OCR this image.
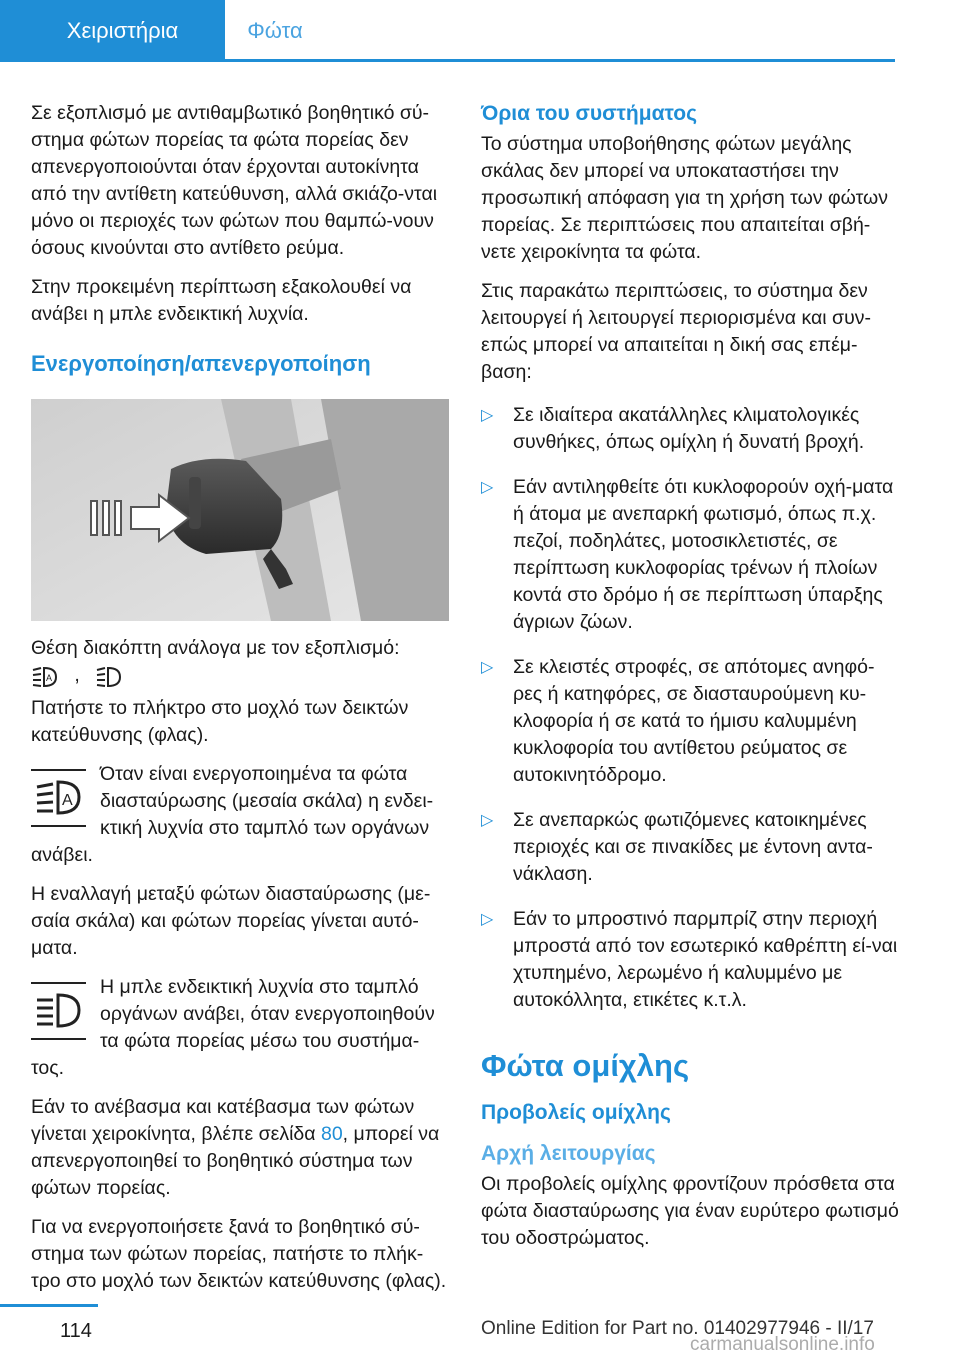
Χειριστήρια	Φώτα

Σε εξοπλισμό με αντιθαμβωτικό βοηθητικό σύ‐στημα φώτων πορείας τα φώτα πορείας δεν απενεργοποιούνται όταν έρχονται αυτοκίνητα από την αντίθετη κατεύθυνση, αλλά σκιάζο‐νται μόνο οι περιοχές των φώτων που θαμπώ‐νουν όσους κινούνται στο αντίθετο ρεύμα.

Στην προκειμένη περίπτωση εξακολουθεί να ανάβει η μπλε ενδεικτική λυχνία.

Ενεργοποίηση/απενεργοποίηση

Θέση διακόπτη ανάλογα με τον εξοπλισμό:

A ,

Πατήστε το πλήκτρο στο μοχλό των δεικτών κατεύθυνσης (φλας).

A
Όταν είναι ενεργοποιημένα τα φώτα διασταύρωσης (μεσαία σκάλα) η ενδει‐κτική λυχνία στο ταμπλό των οργάνων ανάβει.

Η εναλλαγή μεταξύ φώτων διασταύρωσης (με‐σαία σκάλα) και φώτων πορείας γίνεται αυτό‐ματα.

Η μπλε ενδεικτική λυχνία στο ταμπλό οργάνων ανάβει, όταν ενεργοποιηθούν τα φώτα πορείας μέσω του συστήμα‐τος.

Εάν το ανέβασμα και κατέβασμα των φώτων γίνεται χειροκίνητα, βλέπε σελίδα 80, μπορεί να απενεργοποιηθεί το βοηθητικό σύστημα των φώτων πορείας.

Για να ενεργοποιήσετε ξανά το βοηθητικό σύ‐στημα των φώτων πορείας, πατήστε το πλήκ‐τρο στο μοχλό των δεικτών κατεύθυνσης (φλας).

Όρια του συστήματος

Το σύστημα υποβοήθησης φώτων μεγάλης σκάλας δεν μπορεί να υποκαταστήσει την προσωπική απόφαση για τη χρήση των φώτων πορείας. Σε περιπτώσεις που απαιτείται σβή‐νετε χειροκίνητα τα φώτα.

Στις παρακάτω περιπτώσεις, το σύστημα δεν λειτουργεί ή λειτουργεί περιορισμένα και συν‐επώς μπορεί να απαιτείται η δική σας επέμ‐βαση:

▷ Σε ιδιαίτερα ακατάλληλες κλιματολογικές συνθήκες, όπως ομίχλη ή δυνατή βροχή.
▷ Εάν αντιληφθείτε ότι κυκλοφορούν οχή‐ματα ή άτομα με ανεπαρκή φωτισμό, όπως π.χ. πεζοί, ποδηλάτες, μοτοσικλετιστές, σε περίπτωση κυκλοφορίας τρένων ή πλοίων κοντά στο δρόμο ή σε περίπτωση ύπαρξης άγριων ζώων.
▷ Σε κλειστές στροφές, σε απότομες ανηφό‐ρες ή κατηφόρες, σε διασταυρούμενη κυ‐κλοφορία ή σε κατά το ήμισυ καλυμμένη κυκλοφορία του αντίθετου ρεύματος σε αυτοκινητόδρομο.
▷ Σε ανεπαρκώς φωτιζόμενες κατοικημένες περιοχές και σε πινακίδες με έντονη αντα‐νάκλαση.
▷ Εάν το μπροστινό παρμπρίζ στην περιοχή μπροστά από τον εσωτερικό καθρέπτη εί‐ναι χτυπημένο, λερωμένο ή καλυμμένο με αυτοκόλλητα, ετικέτες κ.τ.λ.
Φώτα ομίχλης
Προβολείς ομίχλης
Αρχή λειτουργίας

Οι προβολείς ομίχλης φροντίζουν πρόσθετα στα φώτα διασταύρωσης για έναν ευρύτερο φωτισμό του οδοστρώματος.

114	Online Edition for Part no. 01402977946 - II/17
carmanualsonline.info
